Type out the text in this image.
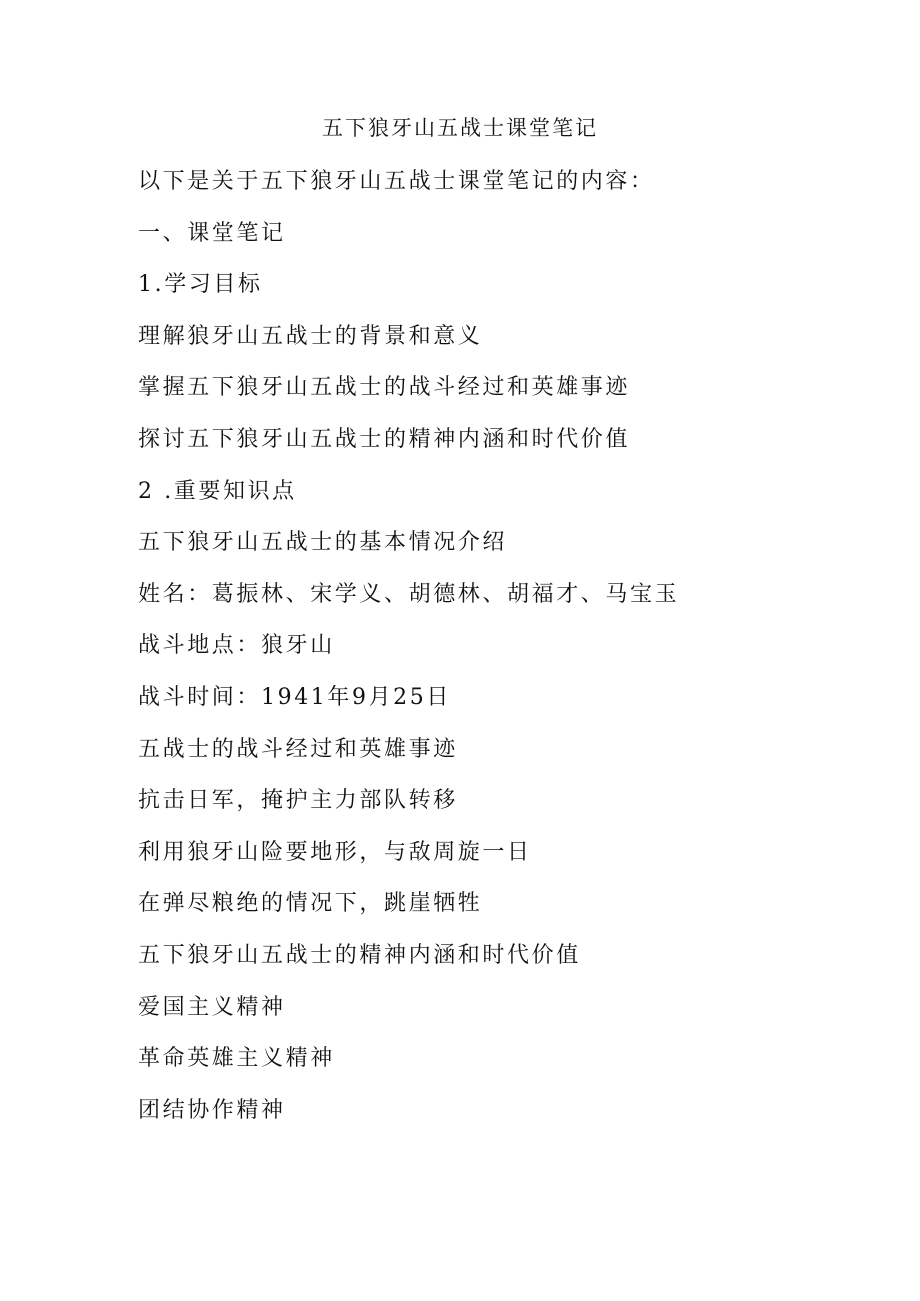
五下狼牙山五战士课堂笔记
以下是关于五下狼牙山五战士课堂笔记的内容：
一、课堂笔记
1.学习目标
理解狼牙山五战士的背景和意义
掌握五下狼牙山五战士的战斗经过和英雄事迹
探讨五下狼牙山五战士的精神内涵和时代价值
2 .重要知识点
五下狼牙山五战士的基本情况介绍
姓名：葛振林、宋学义、胡德林、胡福才、马宝玉
战斗地点：狼牙山
战斗时间：1941年9月25日
五战士的战斗经过和英雄事迹
抗击日军，掩护主力部队转移
利用狼牙山险要地形，与敌周旋一日
在弹尽粮绝的情况下，跳崖牺牲
五下狼牙山五战士的精神内涵和时代价值
爱国主义精神
革命英雄主义精神
团结协作精神
